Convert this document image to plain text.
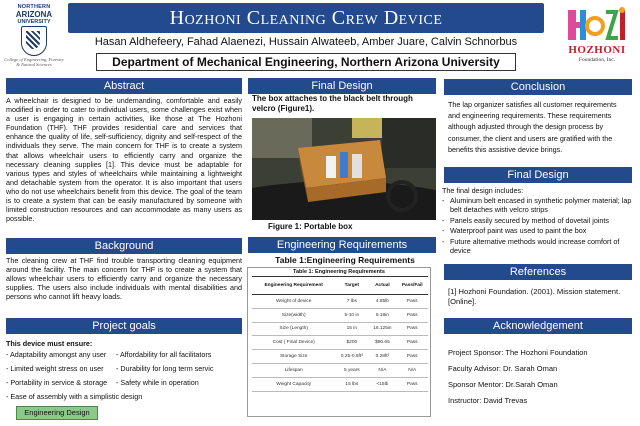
NORTHERN
ARIZONA
UNIVERSITY
College of Engineering, Forestry & Natural Sciences
Hozhoni Cleaning Crew Device
Hasan Aldhefeery, Fahad Alaenezi, Hussain Alwateeb, Amber Juare, Calvin Schnorbus
Department of Mechanical Engineering, Northern Arizona University
HOZHONI
Foundation, Inc.
Abstract
A wheelchair is designed to be undemanding, comfortable and easily modified in order to cater to individual users, some challenges exist when a user is engaging in certain activities, like those at The Hozhoni Foundation (THF). THF provides residential care and services that enhance the quality of life, self-sufficiency, dignity and self-respect of the individuals they serve. The main concern for THF is to create a system that allows wheelchair users to efficiently carry and organize the necessary cleaning supplies [1]. This device must be adaptable for various types and styles of wheelchairs while maintaining a lightweight and detachable system from the operator. It is also important that users who do not use wheelchairs benefit from this device. The goal of the team is to create a system that can be easily manufactured by someone with limited construction resources and can accommodate as many users as possible.
Background
The cleaning crew at THF find trouble transporting cleaning equipment around the facility. The main concern for THF is to create a system that allows wheelchair users to efficiently carry and organize the necessary supplies. The users also include individuals with mental disabilities and persons who cannot lift heavy loads.
Project goals
This device must ensure:
- Adaptability amongst any user	- Affordability for all facilitators
- Limited weight stress on user	- Durability for long term servic
- Portability in service & storage	- Safety while in operation
- Ease of assembly with a simplistic design
Engineering Design
Final Design
The box attaches to the black belt through velcro (Figure1).
Figure 1: Portable box
Engineering Requirements
Table 1:Engineering Requirements
Table 1: Engineering Requirements
Engineering Requirement	Target	Actual	Pass/Fail
Weight of device	7 lbs	4.85lb	Pass
Size(width)	5-10 in	6.18in	Pass
Size (Length)	15 in	16.125in	Pass
Cost ( Final Device)	$200	$80.65	Pass
Storage Size	0.25-0.5ft³	0.28ft³	Pass
Lifespan	5 years	N/A	N/A
Weight Capacity	15 lbs	<15lb	Pass
Conclusion
The lap organizer satisfies all customer requirements and engineering requirements. These requirements although adjusted through the design process by consumer, the client and users are gratified with the benefits this assistive device brings.
Final Design
The final design includes:
- Aluminum belt encased in synthetic polymer material; lap belt detaches with velcro strips
- Panels easily secured by method of dovetail joints
- Waterproof paint was used to paint the box
- Future alternative methods would increase comfort of device
References
[1] Hozhoni Foundation. (2001). Mission statement. [Online].
Acknowledgement
Project Sponsor: The Hozhoni Foundation
Faculty Advisor: Dr. Sarah Oman
Sponsor Mentor: Dr.Sarah Oman
Instructor: David Trevas
